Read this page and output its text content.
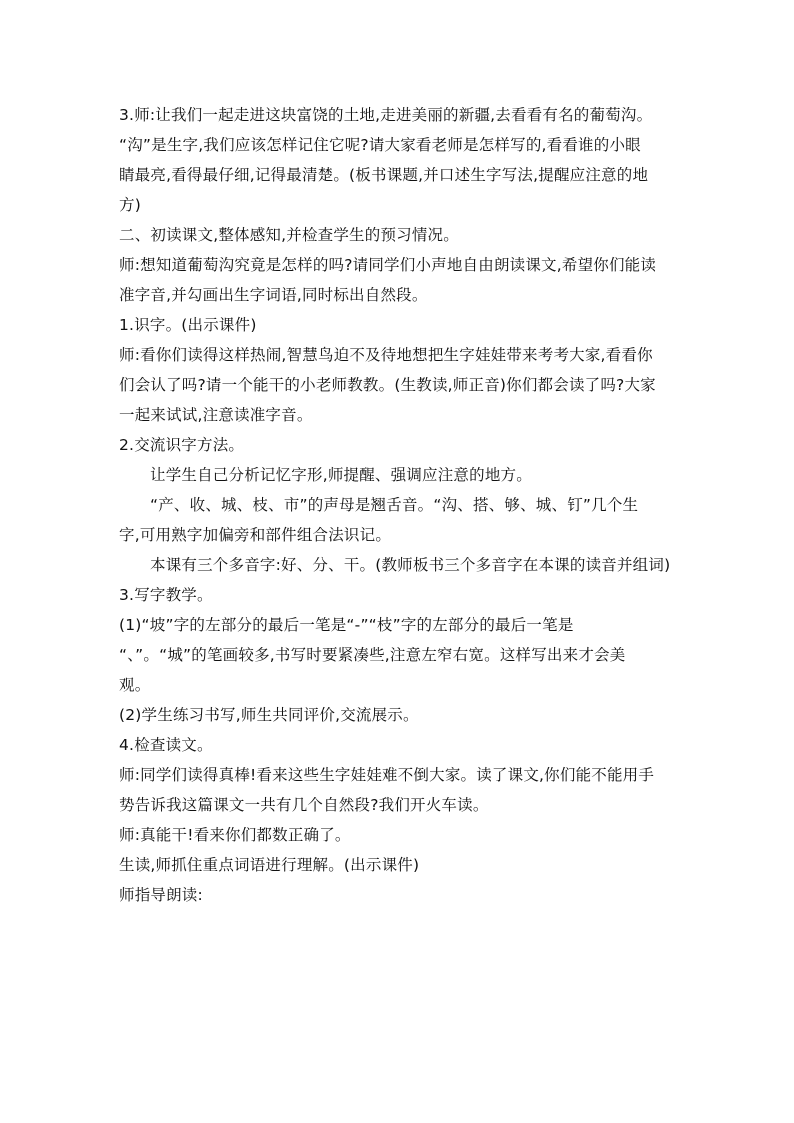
3.师:让我们一起走进这块富饶的土地,走进美丽的新疆,去看看有名的葡萄沟。
“沟”是生字,我们应该怎样记住它呢?请大家看老师是怎样写的,看看谁的小眼
睛最亮,看得最仔细,记得最清楚。(板书课题,并口述生字写法,提醒应注意的地
方)
二、初读课文,整体感知,并检查学生的预习情况。
师:想知道葡萄沟究竟是怎样的吗?请同学们小声地自由朗读课文,希望你们能读
准字音,并勾画出生字词语,同时标出自然段。
1.识字。(出示课件)
师:看你们读得这样热闹,智慧鸟迫不及待地想把生字娃娃带来考考大家,看看你
们会认了吗?请一个能干的小老师教教。(生教读,师正音)你们都会读了吗?大家
一起来试试,注意读准字音。
2.交流识字方法。
让学生自己分析记忆字形,师提醒、强调应注意的地方。
“产、收、城、枝、市”的声母是翘舌音。“沟、搭、够、城、钉”几个生
字,可用熟字加偏旁和部件组合法识记。
本课有三个多音字:好、分、干。(教师板书三个多音字在本课的读音并组词)
3.写字教学。
(1)“坡”字的左部分的最后一笔是“-”“枝”字的左部分的最后一笔是
“、”。“城”的笔画较多,书写时要紧凑些,注意左窄右宽。这样写出来才会美
观。
(2)学生练习书写,师生共同评价,交流展示。
4.检查读文。
师:同学们读得真棒!看来这些生字娃娃难不倒大家。读了课文,你们能不能用手
势告诉我这篇课文一共有几个自然段?我们开火车读。
师:真能干!看来你们都数正确了。
生读,师抓住重点词语进行理解。(出示课件)
师指导朗读:
